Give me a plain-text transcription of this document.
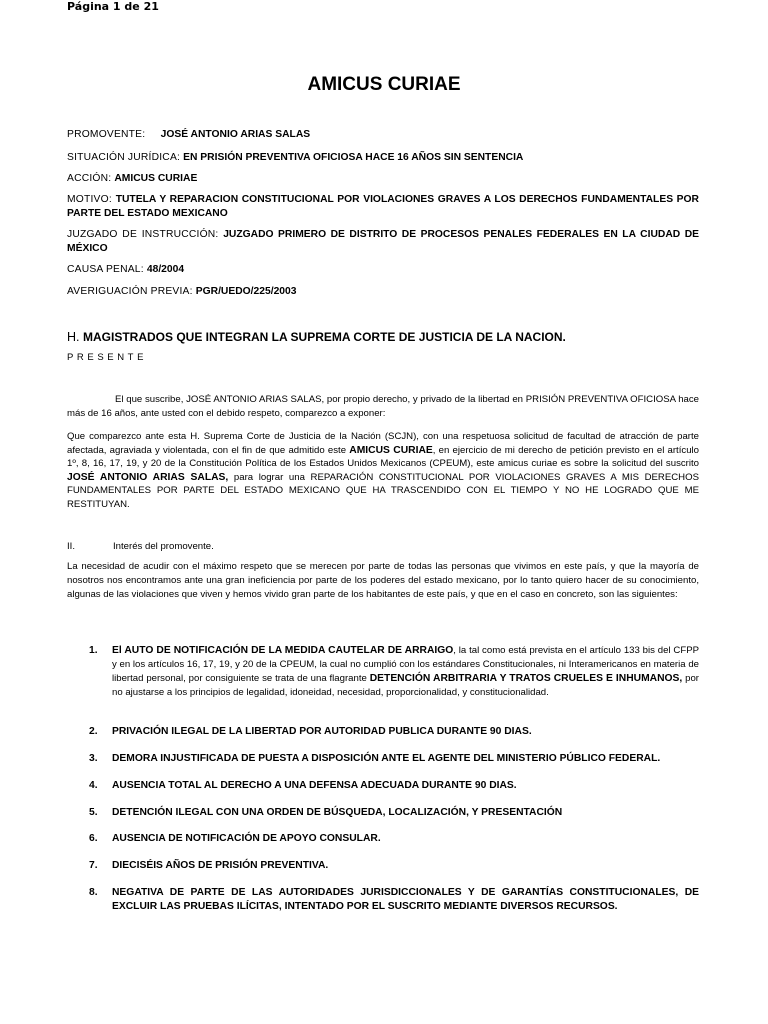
Página 1 de 21
AMICUS CURIAE
PROMOVENTE:     JOSÉ ANTONIO ARIAS SALAS
SITUACIÓN JURÍDICA: EN PRISIÓN PREVENTIVA OFICIOSA HACE 16 AÑOS SIN SENTENCIA
ACCIÓN: AMICUS CURIAE
MOTIVO: TUTELA Y REPARACION CONSTITUCIONAL POR VIOLACIONES GRAVES A LOS DERECHOS FUNDAMENTALES POR PARTE DEL ESTADO MEXICANO
JUZGADO DE INSTRUCCIÓN: JUZGADO PRIMERO DE DISTRITO DE PROCESOS PENALES FEDERALES EN LA CIUDAD DE MÉXICO
CAUSA PENAL: 48/2004
AVERIGUACIÓN PREVIA: PGR/UEDO/225/2003
H. MAGISTRADOS QUE INTEGRAN LA SUPREMA CORTE DE JUSTICIA DE LA NACION.
PRESENTE
El que suscribe, JOSÉ ANTONIO ARIAS SALAS, por propio derecho, y privado de la libertad en PRISIÓN PREVENTIVA OFICIOSA hace más de 16 años, ante usted con el debido respeto, comparezco a exponer:
Que comparezco ante esta H. Suprema Corte de Justicia de la Nación (SCJN), con una respetuosa solicitud de facultad de atracción de parte afectada, agraviada y violentada, con el fin de que admitido este AMICUS CURIAE, en ejercicio de mi derecho de petición previsto en el artículo 1º, 8, 16, 17, 19, y 20 de la Constitución Política de los Estados Unidos Mexicanos (CPEUM), este amicus curiae es sobre la solicitud del suscrito JOSÉ ANTONIO ARIAS SALAS, para lograr una REPARACIÓN CONSTITUCIONAL POR VIOLACIONES GRAVES A MIS DERECHOS FUNDAMENTALES POR PARTE DEL ESTADO MEXICANO QUE HA TRASCENDIDO CON EL TIEMPO Y NO HE LOGRADO QUE ME RESTITUYAN.
II.	Interés del promovente.
La necesidad de acudir con el máximo respeto que se merecen por parte de todas las personas que vivimos en este país, y que la mayoría de nosotros nos encontramos ante una gran ineficiencia por parte de los poderes del estado mexicano, por lo tanto quiero hacer de su conocimiento, algunas de las violaciones que viven y hemos vivido gran parte de los habitantes de este país, y que en el caso en concreto, son las siguientes:
1. El AUTO DE NOTIFICACIÓN DE LA MEDIDA CAUTELAR DE ARRAIGO, la tal como está prevista en el artículo 133 bis del CFPP y en los artículos 16, 17, 19, y 20 de la CPEUM, la cual no cumplió con los estándares Constitucionales, ni Interamericanos en materia de libertad personal, por consiguiente se trata de una flagrante DETENCIÓN ARBITRARIA Y TRATOS CRUELES E INHUMANOS, por no ajustarse a los principios de legalidad, idoneidad, necesidad, proporcionalidad, y constitucionalidad.
2. PRIVACIÓN ILEGAL DE LA LIBERTAD POR AUTORIDAD PUBLICA DURANTE 90 DIAS.
3. DEMORA INJUSTIFICADA DE PUESTA A DISPOSICIÓN ANTE EL AGENTE DEL MINISTERIO PÚBLICO FEDERAL.
4. AUSENCIA TOTAL AL DERECHO A UNA DEFENSA ADECUADA DURANTE 90 DIAS.
5. DETENCIÓN ILEGAL CON UNA ORDEN DE BÚSQUEDA, LOCALIZACIÓN, Y PRESENTACIÓN
6. AUSENCIA DE NOTIFICACIÓN DE APOYO CONSULAR.
7. DIECISÉIS AÑOS DE PRISIÓN PREVENTIVA.
8. NEGATIVA DE PARTE DE LAS AUTORIDADES JURISDICCIONALES Y DE GARANTÍAS CONSTITUCIONALES, DE EXCLUIR LAS PRUEBAS ILÍCITAS, INTENTADO POR EL SUSCRITO MEDIANTE DIVERSOS RECURSOS.
